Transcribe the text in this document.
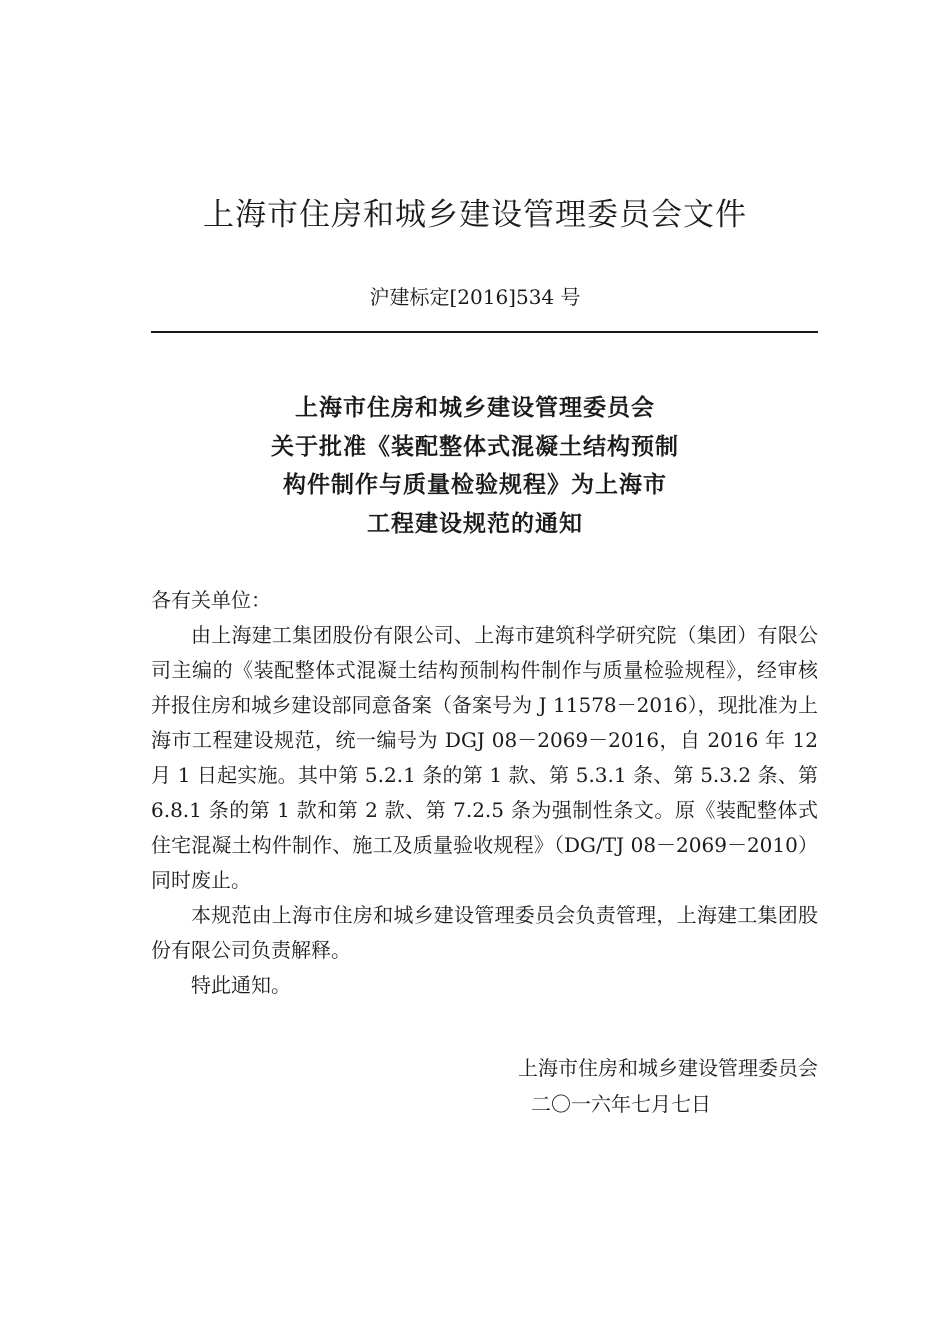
上海市住房和城乡建设管理委员会文件
沪建标定[2016]534 号
上海市住房和城乡建设管理委员会
关于批准《装配整体式混凝土结构预制
构件制作与质量检验规程》为上海市
工程建设规范的通知

各有关单位：

由上海建工集团股份有限公司、上海市建筑科学研究院（集团）有限公司主编的《装配整体式混凝土结构预制构件制作与质量检验规程》，经审核并报住房和城乡建设部同意备案（备案号为 J 11578－2016），现批准为上海市工程建设规范，统一编号为 DGJ 08－2069－2016，自 2016 年 12 月 1 日起实施。其中第 5.2.1 条的第 1 款、第 5.3.1 条、第 5.3.2 条、第 6.8.1 条的第 1 款和第 2 款、第 7.2.5 条为强制性条文。原《装配整体式住宅混凝土构件制作、施工及质量验收规程》（DG/TJ 08－2069－2010）同时废止。

本规范由上海市住房和城乡建设管理委员会负责管理，上海建工集团股份有限公司负责解释。

特此通知。

上海市住房和城乡建设管理委员会
二〇一六年七月七日
